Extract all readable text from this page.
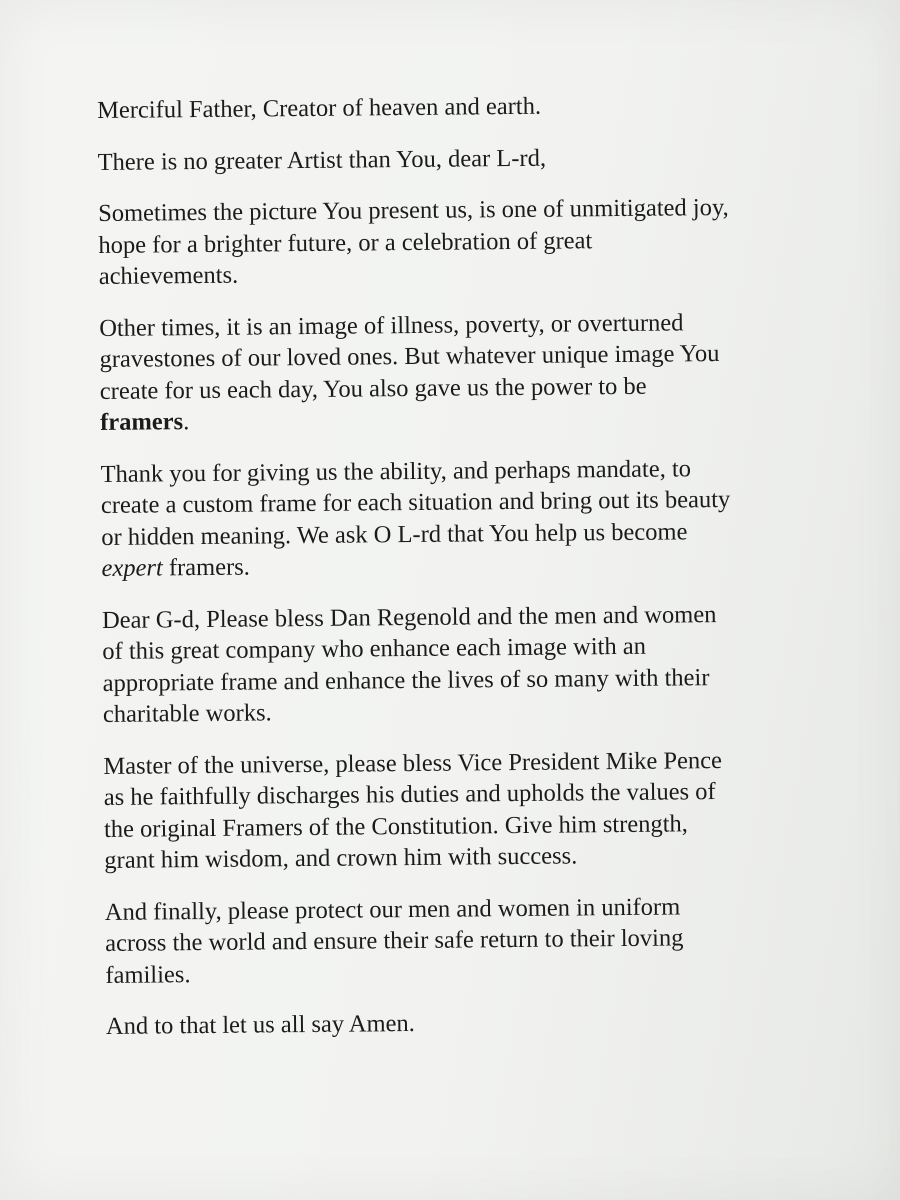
Merciful Father, Creator of heaven and earth.

There is no greater Artist than You, dear L-rd,

Sometimes the picture You present us, is one of unmitigated joy,
hope for a brighter future, or a celebration of great
achievements.

Other times, it is an image of illness, poverty, or overturned
gravestones of our loved ones. But whatever unique image You
create for us each day, You also gave us the power to be
framers.

Thank you for giving us the ability, and perhaps mandate, to
create a custom frame for each situation and bring out its beauty
or hidden meaning. We ask O L-rd that You help us become
expert framers.

Dear G-d, Please bless Dan Regenold and the men and women
of this great company who enhance each image with an
appropriate frame and enhance the lives of so many with their
charitable works.

Master of the universe, please bless Vice President Mike Pence
as he faithfully discharges his duties and upholds the values of
the original Framers of the Constitution. Give him strength,
grant him wisdom, and crown him with success.

And finally, please protect our men and women in uniform
across the world and ensure their safe return to their loving
families.

And to that let us all say Amen.
